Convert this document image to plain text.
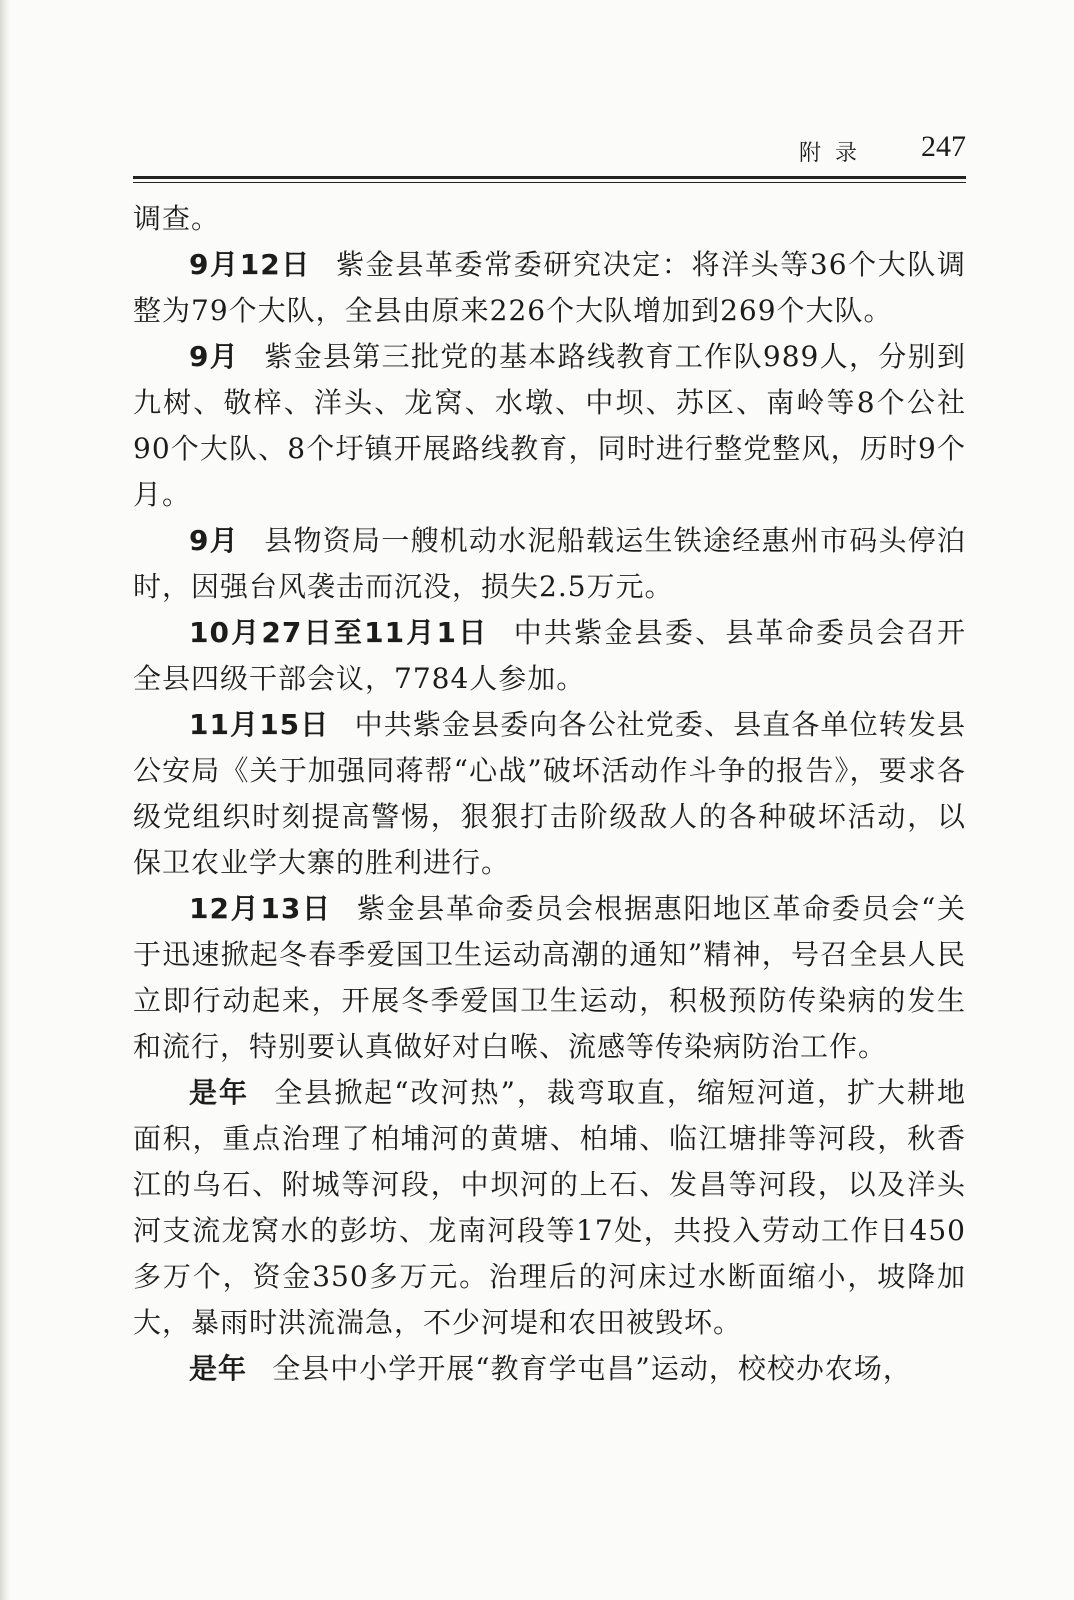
附录 247

调查。

9月12日 紫金县革委常委研究决定：将洋头等36个大队调整为79个大队，全县由原来226个大队增加到269个大队。

9月 紫金县第三批党的基本路线教育工作队989人，分别到九树、敬梓、洋头、龙窝、水墩、中坝、苏区、南岭等8个公社90个大队、8个圩镇开展路线教育，同时进行整党整风，历时9个月。

9月 县物资局一艘机动水泥船载运生铁途经惠州市码头停泊时，因强台风袭击而沉没，损失2.5万元。

10月27日至11月1日 中共紫金县委、县革命委员会召开全县四级干部会议，7784人参加。

11月15日 中共紫金县委向各公社党委、县直各单位转发县公安局《关于加强同蒋帮“心战”破坏活动作斗争的报告》，要求各级党组织时刻提高警惕，狠狠打击阶级敌人的各种破坏活动，以保卫农业学大寨的胜利进行。

12月13日 紫金县革命委员会根据惠阳地区革命委员会“关于迅速掀起冬春季爱国卫生运动高潮的通知”精神，号召全县人民立即行动起来，开展冬季爱国卫生运动，积极预防传染病的发生和流行，特别要认真做好对白喉、流感等传染病防治工作。

是年 全县掀起“改河热”，裁弯取直，缩短河道，扩大耕地面积，重点治理了柏埔河的黄塘、柏埔、临江塘排等河段，秋香江的乌石、附城等河段，中坝河的上石、发昌等河段，以及洋头河支流龙窝水的彭坊、龙南河段等17处，共投入劳动工作日450多万个，资金350多万元。治理后的河床过水断面缩小，坡降加大，暴雨时洪流湍急，不少河堤和农田被毁坏。

是年 全县中小学开展“教育学屯昌”运动，校校办农场，
